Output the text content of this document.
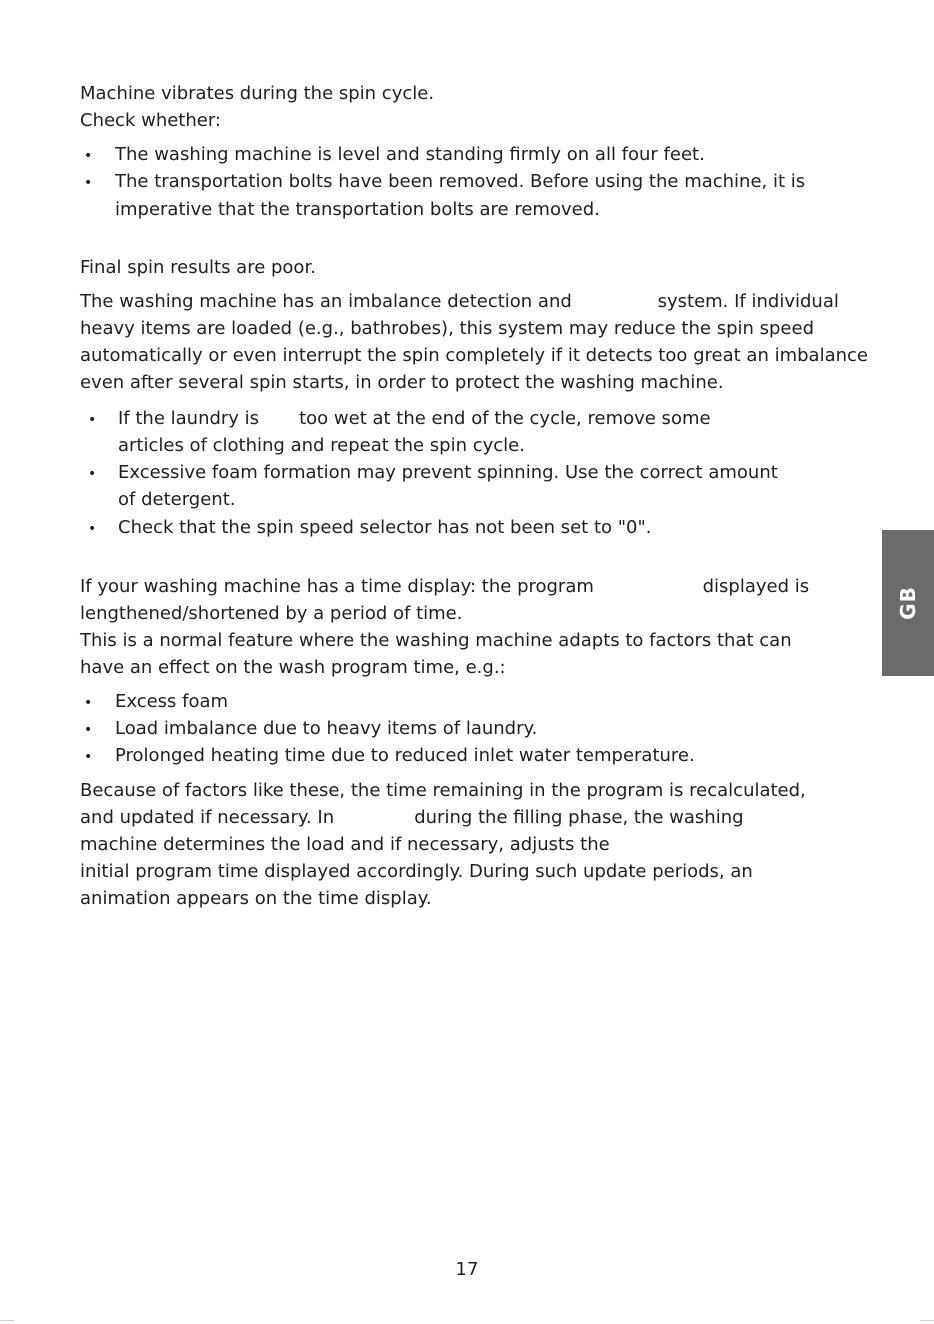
Machine vibrates during the spin cycle.
Check whether:
• The washing machine is level and standing firmly on all four feet.
• The transportation bolts have been removed. Before using the machine, it is
imperative that the transportation bolts are removed.
Final spin results are poor.
The washing machine has an imbalance detection and               system. If individual
heavy items are loaded (e.g., bathrobes), this system may reduce the spin speed
automatically or even interrupt the spin completely if it detects too great an imbalance
even after several spin starts, in order to protect the washing machine.
• If the laundry is       too wet at the end of the cycle, remove some
articles of clothing and repeat the spin cycle.
• Excessive foam formation may prevent spinning. Use the correct amount
of detergent.
• Check that the spin speed selector has not been set to "0".
If your washing machine has a time display: the program                   displayed is
lengthened/shortened by a period of time.
This is a normal feature where the washing machine adapts to factors that can
have an effect on the wash program time, e.g.:
• Excess foam
• Load imbalance due to heavy items of laundry.
• Prolonged heating time due to reduced inlet water temperature.
Because of factors like these, the time remaining in the program is recalculated,
and updated if necessary. In              during the filling phase, the washing
machine determines the load and if necessary, adjusts the
initial program time displayed accordingly. During such update periods, an
animation appears on the time display.
GB
17
